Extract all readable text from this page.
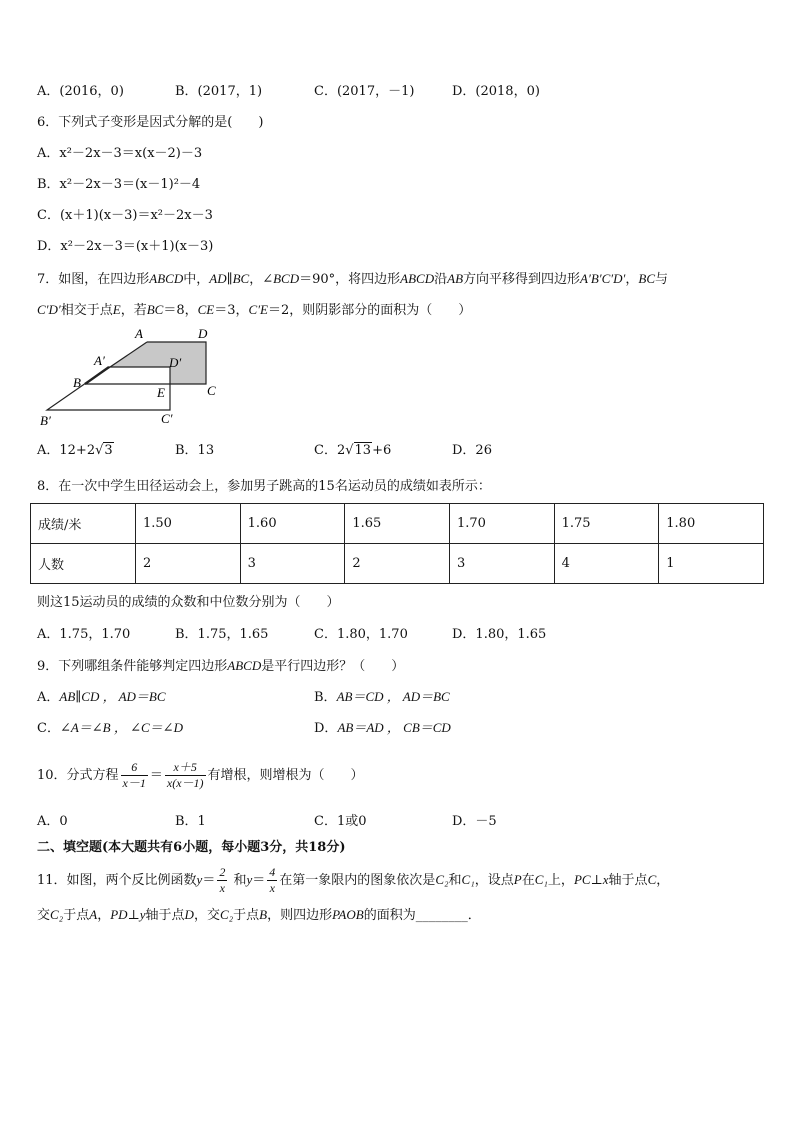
A．(2016，0)	B．(2017，1)	C．(2017，－1)	D．(2018，0)
6．下列式子变形是因式分解的是(　　)
A．x²－2x－3＝x(x－2)－3
B．x²－2x－3＝(x－1)²－4
C．(x＋1)(x－3)＝x²－2x－3
D．x²－2x－3＝(x＋1)(x－3)
7．如图，在四边形ABCD中，AD∥BC，∠BCD＝90°，将四边形ABCD沿AB方向平移得到四边形A′B′C′D′，BC与
C′D′相交于点E，若BC＝8，CE＝3，C′E＝2，则阴影部分的面积为（　　）
A	D
A′	D′
B
E	C
B′	C′
A．12+2√3	B．13	C．2√13+6	D．26
8．在一次中学生田径运动会上，参加男子跳高的15名运动员的成绩如表所示：
成绩/米	1.50	1.60	1.65	1.70	1.75	1.80
人数	2	3	2	3	4	1
则这15运动员的成绩的众数和中位数分别为（　　）
A．1.75，1.70	B．1.75，1.65	C．1.80，1.70	D．1.80，1.65
9．下列哪组条件能够判定四边形ABCD是平行四边形？（　　）
A．AB∥CD ， AD＝BC	B．AB＝CD ， AD＝BC
C．∠A＝∠B ， ∠C＝∠D	D．AB＝AD ， CB＝CD
10．分式方程 $\frac{6}{x-1} = \frac{x+5}{x(x-1)}$ 有增根，则增根为（　　）
A．0	B．1	C．1或0	D．－5
二、填空题(本大题共有6小题，每小题3分，共18分)
11．如图，两个反比例函数$y= \frac{2}{x}$ 和$y= \frac{4}{x}$ 在第一象限内的图象依次是C₂和C₁，设点P在C₁上，PC⊥x轴于点C，
交C₂于点A，PD⊥y轴于点D，交C₂于点B，则四边形PAOB的面积为________．
